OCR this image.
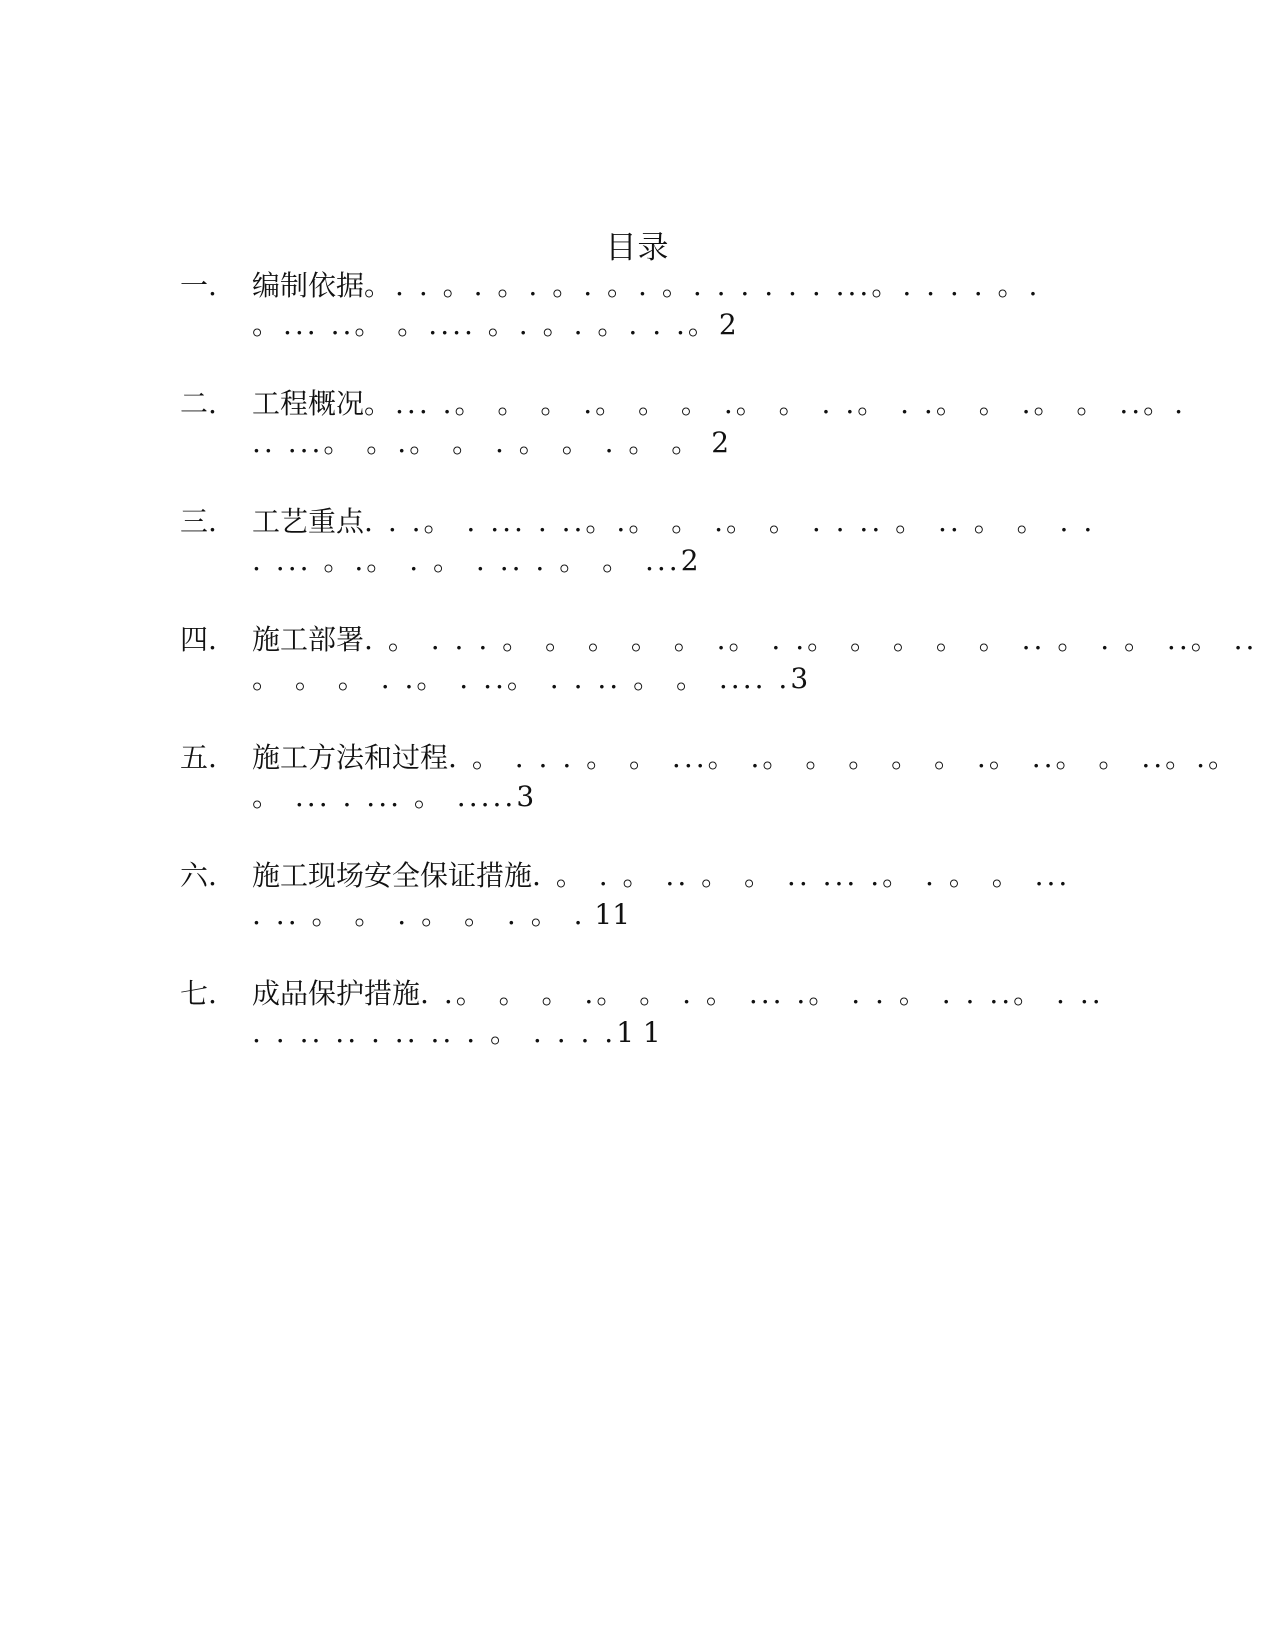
目录
一.	编制依据。. . 。. 。. 。. 。. 。. . . . . . ...。. . . . 。.
。... ..。 。.... 。. 。. 。. . .。2
二.	工程概况。... .。 。 。 .。 。 。 .。 。 . .。 . .。 。 .。 。 ..。.
.. ...。 。.。 。 . 。 。 . 。 。 2
三.	工艺重点. . .。 . ... . ..。.。 。 .。 。 . . .. 。 .. 。 。 . .
. ... 。.。 . 。 . .. . 。 。 ...2
四.	施工部署. 。 . . . 。 。 。 。 。 .。 . .。 。 。 。 。 .. 。 . 。 ..。 ..
。 。 。 . .。 . ..。 . . .. 。 。 .... .3
五.	施工方法和过程. 。 . . . 。 。 ...。 .。 。 。 。 。 .。 ..。 。 ..。.。
。 ... . ... 。 .....3
六.	施工现场安全保证措施. 。 . 。 .. 。 。 .. ... .。 . 。 。 ...
. .. 。 。 . 。 。 . 。 . 11
七.	成品保护措施. .。 。 。 .。 。 . 。 ... .。 . . 。 . . ..。 . ..
. . .. .. . .. .. . 。 . . . .1 1
